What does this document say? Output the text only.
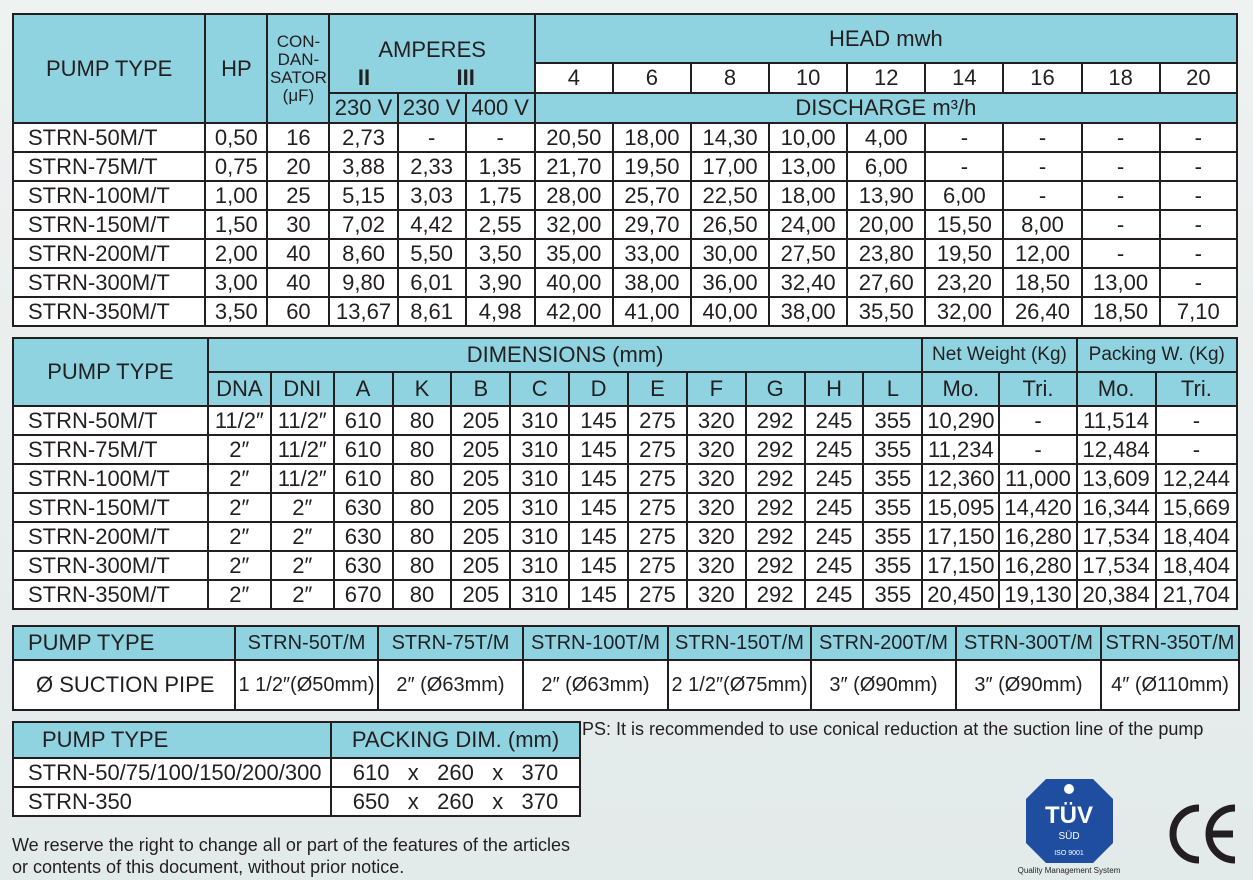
PUMP TYPE	HP	CON-
DAN-
SATOR
(μF)	AMPERES			HEAD mwh								
			II	III		4	6	8	10	12	14	16	18	20
			230 V	230 V	400 V	DISCHARGE m³/h								
STRN-50M/T	0,50	16	2,73	-	-	20,50	18,00	14,30	10,00	4,00	-	-	-	-
STRN-75M/T	0,75	20	3,88	2,33	1,35	21,70	19,50	17,00	13,00	6,00	-	-	-	-
STRN-100M/T	1,00	25	5,15	3,03	1,75	28,00	25,70	22,50	18,00	13,90	6,00	-	-	-
STRN-150M/T	1,50	30	7,02	4,42	2,55	32,00	29,70	26,50	24,00	20,00	15,50	8,00	-	-
STRN-200M/T	2,00	40	8,60	5,50	3,50	35,00	33,00	30,00	27,50	23,80	19,50	12,00	-	-
STRN-300M/T	3,00	40	9,80	6,01	3,90	40,00	38,00	36,00	32,40	27,60	23,20	18,50	13,00	-
STRN-350M/T	3,50	60	13,67	8,61	4,98	42,00	41,00	40,00	38,00	35,50	32,00	26,40	18,50	7,10
PUMP TYPE	DIMENSIONS (mm)												Net Weight (Kg)		Packing W. (Kg)	
	DNA	DNI	A	K	B	C	D	E	F	G	H	L	Mo.	Tri.	Mo.	Tri.
STRN-50M/T	11/2″	11/2″	610	80	205	310	145	275	320	292	245	355	10,290	-	11,514	-
STRN-75M/T	2″	11/2″	610	80	205	310	145	275	320	292	245	355	11,234	-	12,484	-
STRN-100M/T	2″	11/2″	610	80	205	310	145	275	320	292	245	355	12,360	11,000	13,609	12,244
STRN-150M/T	2″	2″	630	80	205	310	145	275	320	292	245	355	15,095	14,420	16,344	15,669
STRN-200M/T	2″	2″	630	80	205	310	145	275	320	292	245	355	17,150	16,280	17,534	18,404
STRN-300M/T	2″	2″	630	80	205	310	145	275	320	292	245	355	17,150	16,280	17,534	18,404
STRN-350M/T	2″	2″	670	80	205	310	145	275	320	292	245	355	20,450	19,130	20,384	21,704
PUMP TYPE	STRN-50T/M	STRN-75T/M	STRN-100T/M	STRN-150T/M	STRN-200T/M	STRN-300T/M	STRN-350T/M
Ø SUCTION PIPE	1 1/2″(Ø50mm)	2″ (Ø63mm)	2″ (Ø63mm)	2 1/2″(Ø75mm)	3″ (Ø90mm)	3″ (Ø90mm)	4″ (Ø110mm)
PUMP TYPE	PACKING DIM. (mm)
STRN-50/75/100/150/200/300	610   x   260   x   370
STRN-350	650   x   260   x   370
PS: It is recommended to use conical reduction at the suction line of the pump
We reserve the right to change all or part of the features of the articles or contents of this document, without prior notice.
TÜV
SÜD
ISO 9001
Quality Management System
